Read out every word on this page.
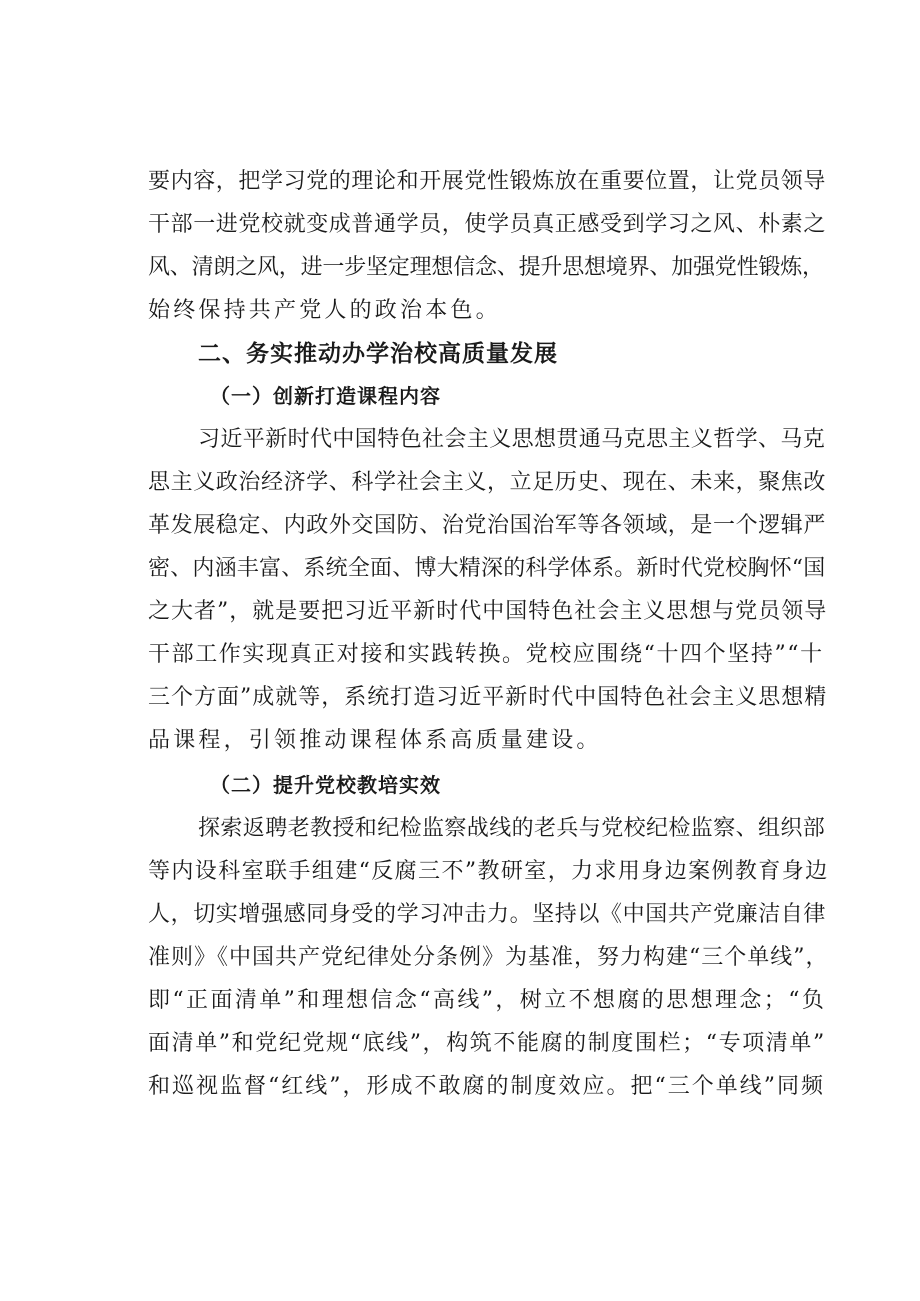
要内容，把学习党的理论和开展党性锻炼放在重要位置，让党员领导
干部一进党校就变成普通学员，使学员真正感受到学习之风、朴素之
风、清朗之风，进一步坚定理想信念、提升思想境界、加强党性锻炼，
始终保持共产党人的政治本色。
二、务实推动办学治校高质量发展
（一）创新打造课程内容
习近平新时代中国特色社会主义思想贯通马克思主义哲学、马克
思主义政治经济学、科学社会主义，立足历史、现在、未来，聚焦改
革发展稳定、内政外交国防、治党治国治军等各领域，是一个逻辑严
密、内涵丰富、系统全面、博大精深的科学体系。新时代党校胸怀“国
之大者”，就是要把习近平新时代中国特色社会主义思想与党员领导
干部工作实现真正对接和实践转换。党校应围绕“十四个坚持”“十
三个方面”成就等，系统打造习近平新时代中国特色社会主义思想精
品课程，引领推动课程体系高质量建设。
（二）提升党校教培实效
探索返聘老教授和纪检监察战线的老兵与党校纪检监察、组织部
等内设科室联手组建“反腐三不”教研室，力求用身边案例教育身边
人，切实增强感同身受的学习冲击力。坚持以《中国共产党廉洁自律
准则》《中国共产党纪律处分条例》为基准，努力构建“三个单线”，
即“正面清单”和理想信念“高线”，树立不想腐的思想理念；“负
面清单”和党纪党规“底线”，构筑不能腐的制度围栏；“专项清单”
和巡视监督“红线”，形成不敢腐的制度效应。把“三个单线”同频
